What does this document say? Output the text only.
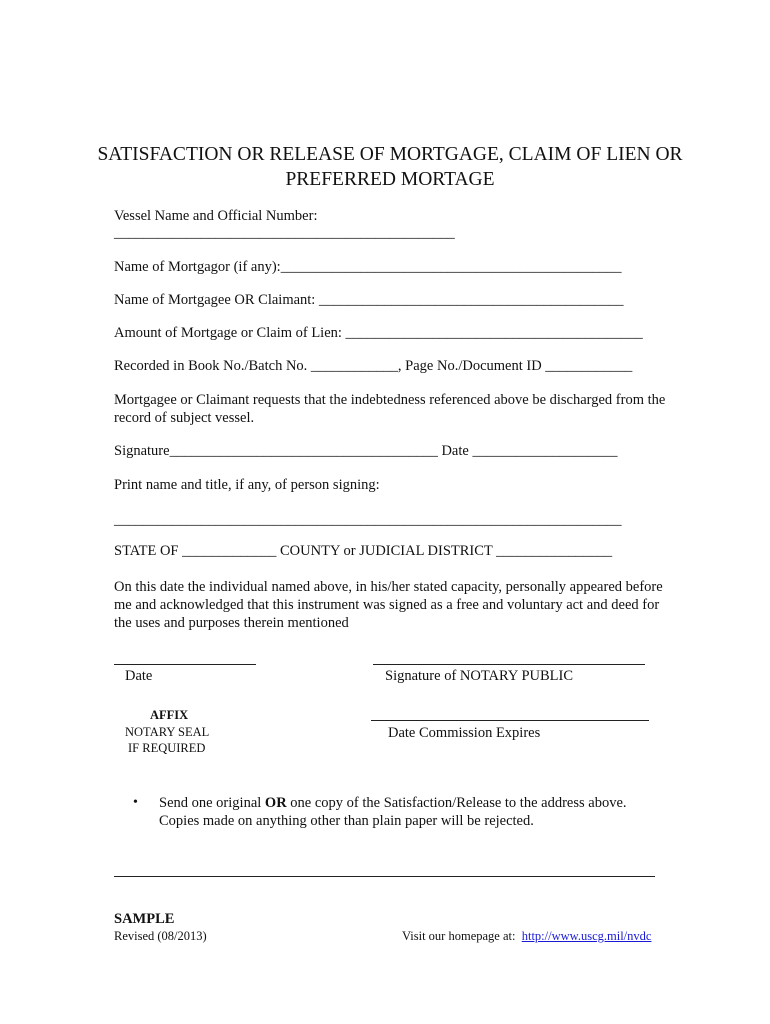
SATISFACTION OR RELEASE OF MORTGAGE, CLAIM OF LIEN OR PREFERRED MORTAGE
Vessel Name and Official Number:
_______________________________________________
Name of Mortgagor (if any):_______________________________________________
Name of Mortgagee OR Claimant: __________________________________________
Amount of Mortgage or Claim of Lien: _________________________________________
Recorded in Book No./Batch No. ____________, Page No./Document ID ____________
Mortgagee or Claimant requests that the indebtedness referenced above be discharged from the record of subject vessel.
Signature_____________________________________ Date ____________________
Print name and title, if any, of person signing:
______________________________________________________________________
STATE OF _____________ COUNTY or JUDICIAL DISTRICT ________________
On this date the individual named above, in his/her stated capacity, personally appeared before me and acknowledged that this instrument was signed as a free and voluntary act and deed for the uses and purposes therein mentioned
Date	Signature of NOTARY PUBLIC
AFFIX
NOTARY SEAL	Date Commission Expires
IF REQUIRED
• Send one original OR one copy of the Satisfaction/Release to the address above.
Copies made on anything other than plain paper will be rejected.
SAMPLE
Revised (08/2013)	Visit our homepage at: http://www.uscg.mil/nvdc
